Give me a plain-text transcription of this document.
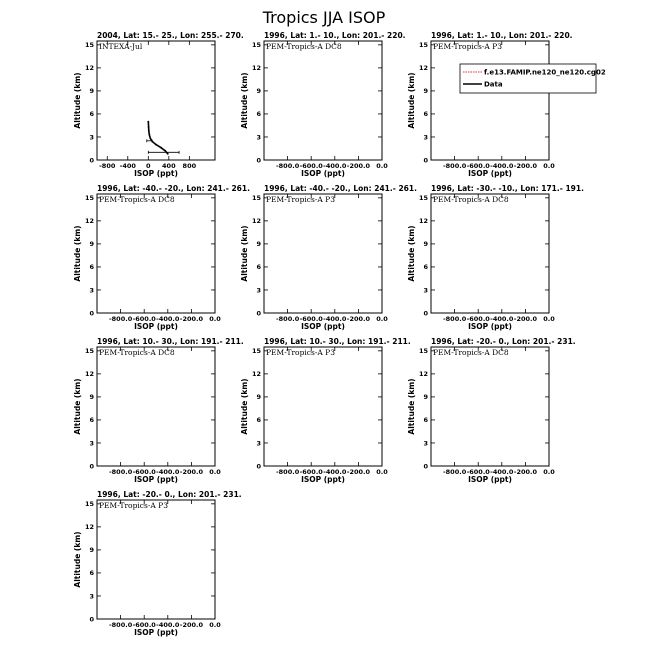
Tropics JJA ISOP
2004, Lat: 15.- 25., Lon: 255.- 270.
INTEXA-Jul
-800 -400 0 400 800
0
3
6
9
12
15
ISOP (ppt)
Altitude (km)
1996, Lat: 1.- 10., Lon: 201.- 220.
PEM-Tropics-A DC8
-800.0 -600.0 -400.0 -200.0 0.0
0
3
6
9
12
15
ISOP (ppt)
Altitude (km)
1996, Lat: 1.- 10., Lon: 201.- 220.
PEM-Tropics-A P3
-800.0 -600.0 -400.0 -200.0 0.0
0
3
6
9
12
15
ISOP (ppt)
Altitude (km)	f.e13.FAMIP.ne120_ne120.cg02
Data
1996, Lat: -40.- -20., Lon: 241.- 261.
PEM-Tropics-A DC8
-800.0 -600.0 -400.0 -200.0 0.0
0
3
6
9
12
15
ISOP (ppt)
Altitude (km)
1996, Lat: -40.- -20., Lon: 241.- 261.
PEM-Tropics-A P3
-800.0 -600.0 -400.0 -200.0 0.0
0
3
6
9
12
15
ISOP (ppt)
Altitude (km)
1996, Lat: -30.- -10., Lon: 171.- 191.
PEM-Tropics-A DC8
-800.0 -600.0 -400.0 -200.0 0.0
0
3
6
9
12
15
ISOP (ppt)
Altitude (km)
1996, Lat: 10.- 30., Lon: 191.- 211.
PEM-Tropics-A DC8
-800.0 -600.0 -400.0 -200.0 0.0
0
3
6
9
12
15
ISOP (ppt)
Altitude (km)
1996, Lat: 10.- 30., Lon: 191.- 211.
PEM-Tropics-A P3
-800.0 -600.0 -400.0 -200.0 0.0
0
3
6
9
12
15
ISOP (ppt)
Altitude (km)
1996, Lat: -20.- 0., Lon: 201.- 231.
PEM-Tropics-A DC8
-800.0 -600.0 -400.0 -200.0 0.0
0
3
6
9
12
15
ISOP (ppt)
Altitude (km)
1996, Lat: -20.- 0., Lon: 201.- 231.
PEM-Tropics-A P3
-800.0 -600.0 -400.0 -200.0 0.0
0
3
6
9
12
15
ISOP (ppt)
Altitude (km)
